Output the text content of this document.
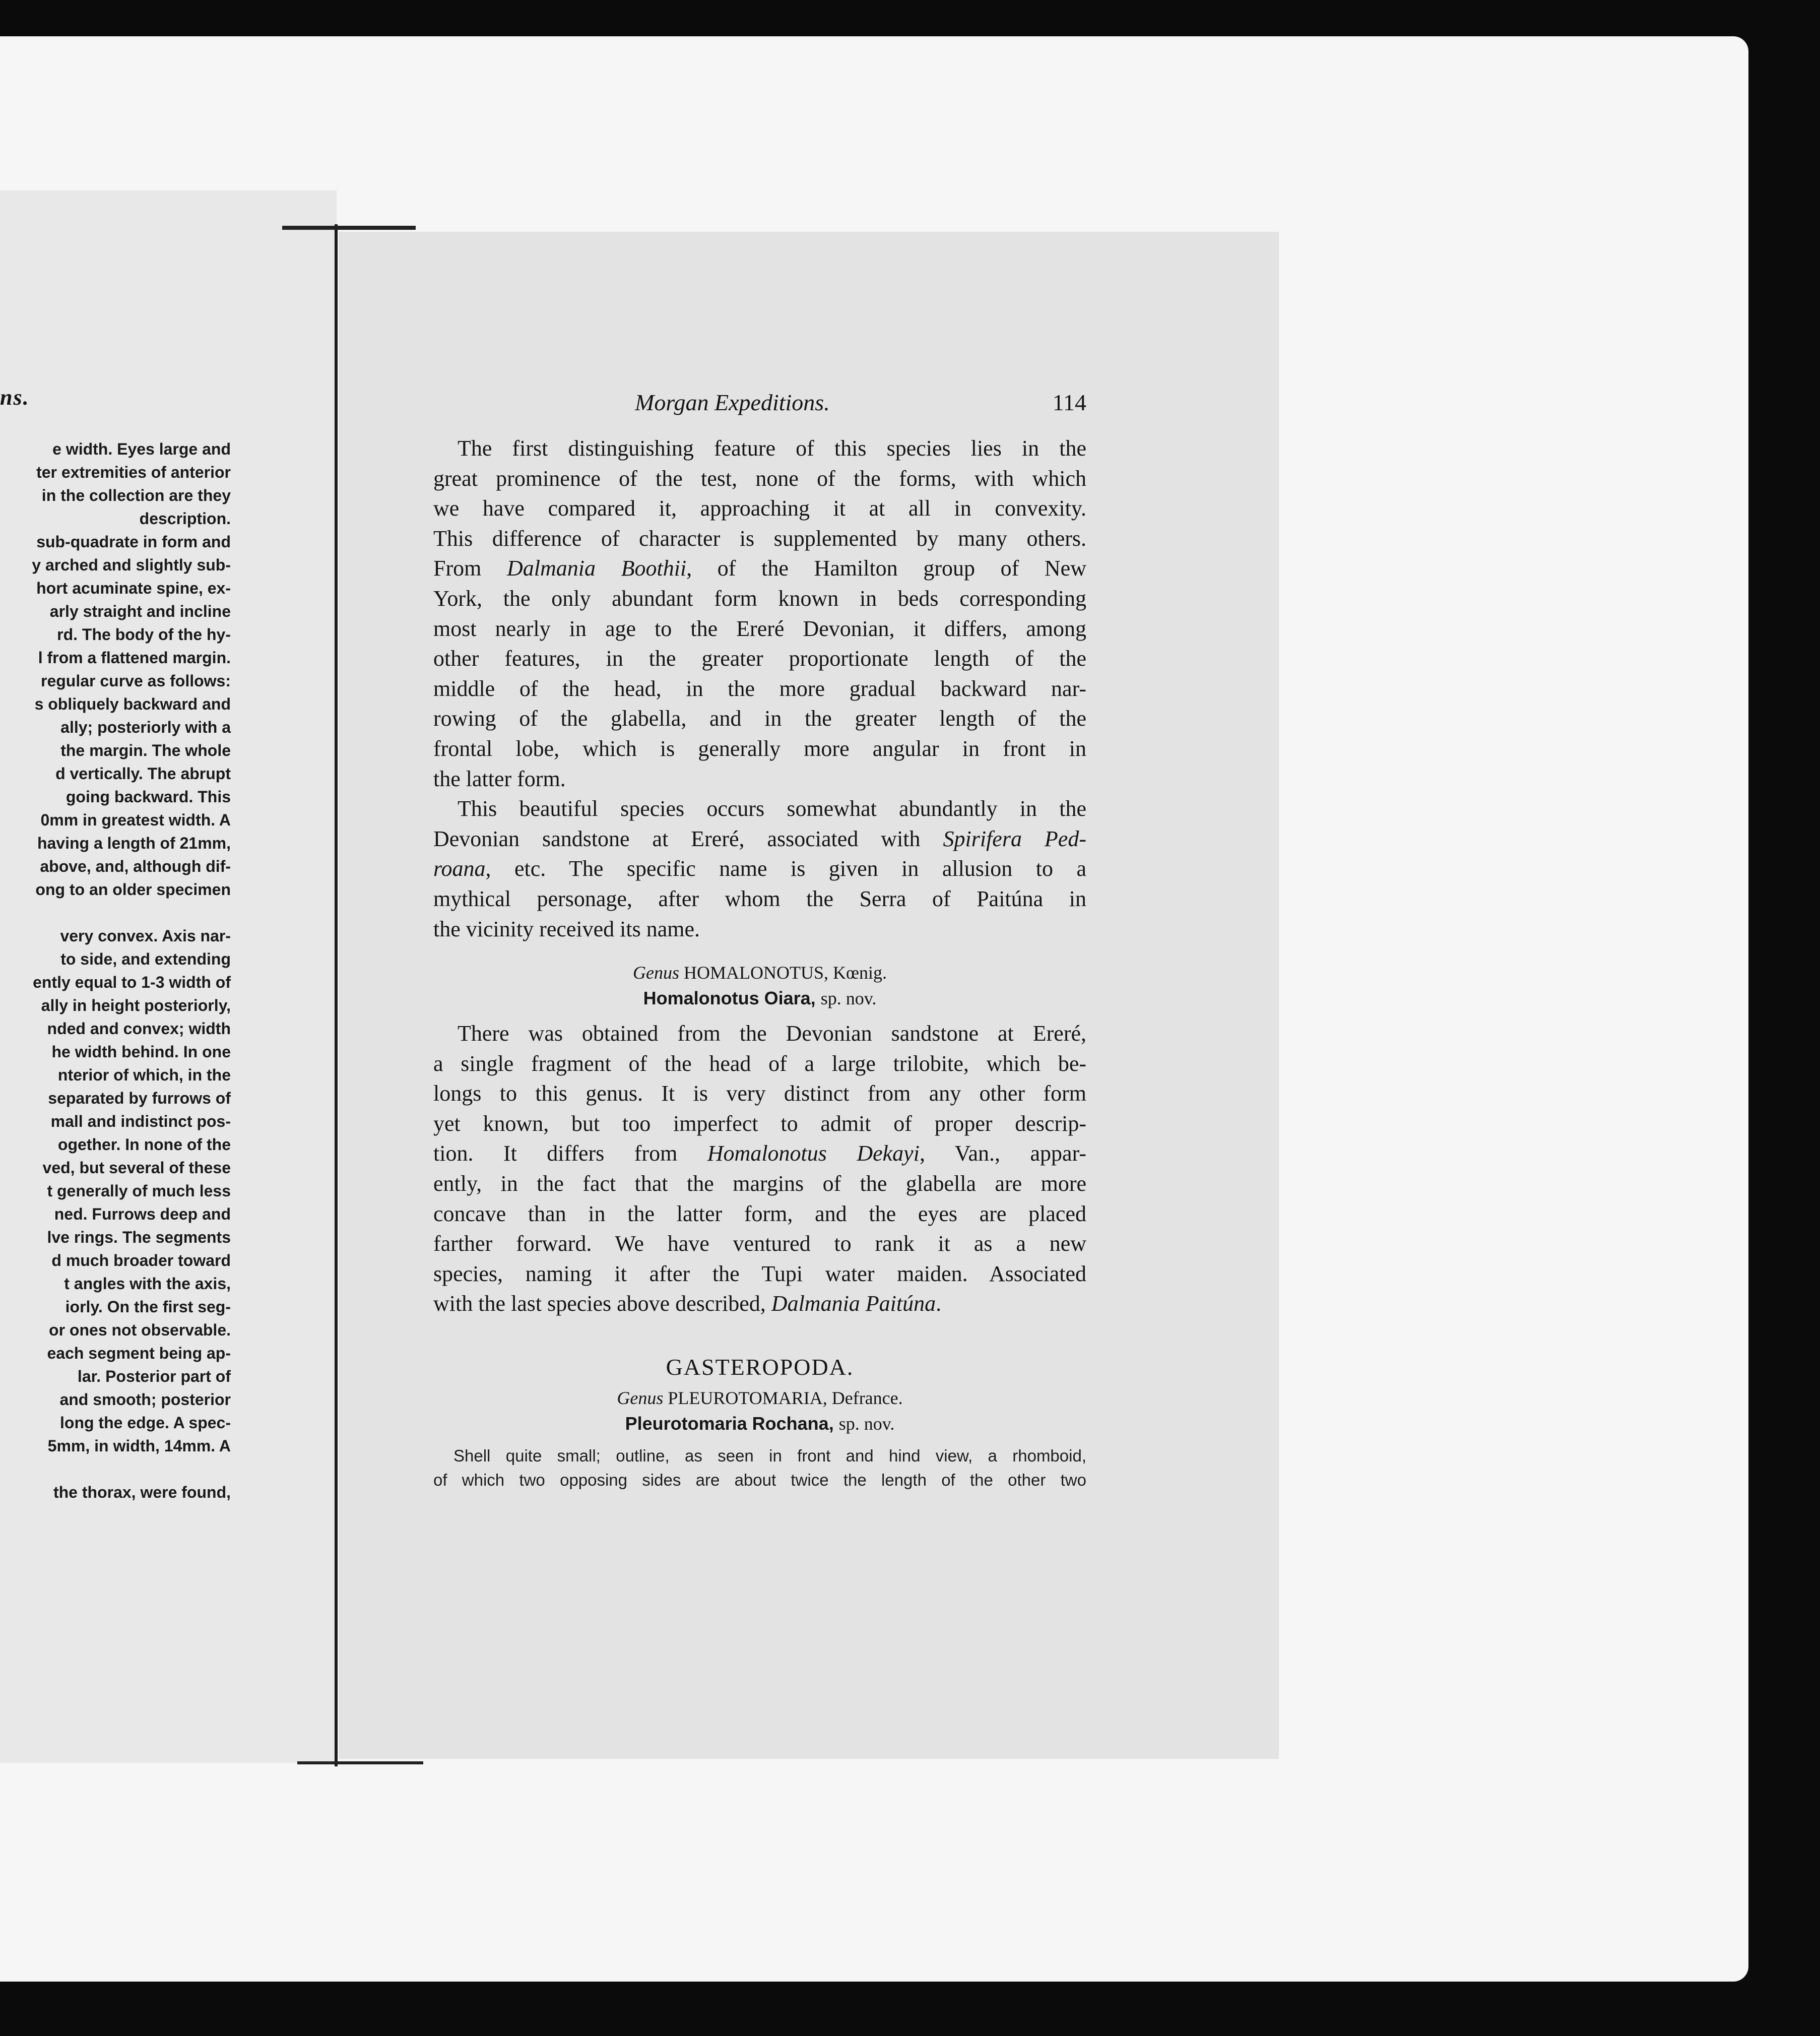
ns.
e width. Eyes large and
ter extremities of anterior
in the collection are they
description.
sub-quadrate in form and
y arched and slightly sub-
hort acuminate spine, ex-
arly straight and incline
rd. The body of the hy-
l from a flattened margin.
regular curve as follows:
s obliquely backward and
ally; posteriorly with a
the margin. The whole
d vertically. The abrupt
going backward. This
0mm in greatest width. A
having a length of 21mm,
above, and, although dif-
ong to an older specimen
very convex. Axis nar-
to side, and extending
ently equal to 1-3 width of
ally in height posteriorly,
nded and convex; width
he width behind. In one
nterior of which, in the
separated by furrows of
mall and indistinct pos-
ogether. In none of the
ved, but several of these
t generally of much less
ned. Furrows deep and
lve rings. The segments
d much broader toward
t angles with the axis,
iorly. On the first seg-
or ones not observable.
each segment being ap-
lar. Posterior part of
and smooth; posterior
long the edge. A spec-
5mm, in width, 14mm. A
the thorax, were found,
Morgan Expeditions.	114
The first distinguishing feature of this species lies in the
great prominence of the test, none of the forms, with which
we have compared it, approaching it at all in convexity.
This difference of character is supplemented by many others.
From Dalmania Boothii, of the Hamilton group of New
York, the only abundant form known in beds corresponding
most nearly in age to the Ereré Devonian, it differs, among
other features, in the greater proportionate length of the
middle of the head, in the more gradual backward nar-
rowing of the glabella, and in the greater length of the
frontal lobe, which is generally more angular in front in
the latter form.
This beautiful species occurs somewhat abundantly in the
Devonian sandstone at Ereré, associated with Spirifera Ped-
roana, etc. The specific name is given in allusion to a
mythical personage, after whom the Serra of Paitúna in
the vicinity received its name.
Genus HOMALONOTUS, Kœnig.
Homalonotus Oiara, sp. nov.
There was obtained from the Devonian sandstone at Ereré,
a single fragment of the head of a large trilobite, which be-
longs to this genus. It is very distinct from any other form
yet known, but too imperfect to admit of proper descrip-
tion. It differs from Homalonotus Dekayi, Van., appar-
ently, in the fact that the margins of the glabella are more
concave than in the latter form, and the eyes are placed
farther forward. We have ventured to rank it as a new
species, naming it after the Tupi water maiden. Associated
with the last species above described, Dalmania Paitúna.
GASTEROPODA.
Genus PLEUROTOMARIA, Defrance.
Pleurotomaria Rochana, sp. nov.
Shell quite small; outline, as seen in front and hind view, a rhomboid,
of which two opposing sides are about twice the length of the other two
